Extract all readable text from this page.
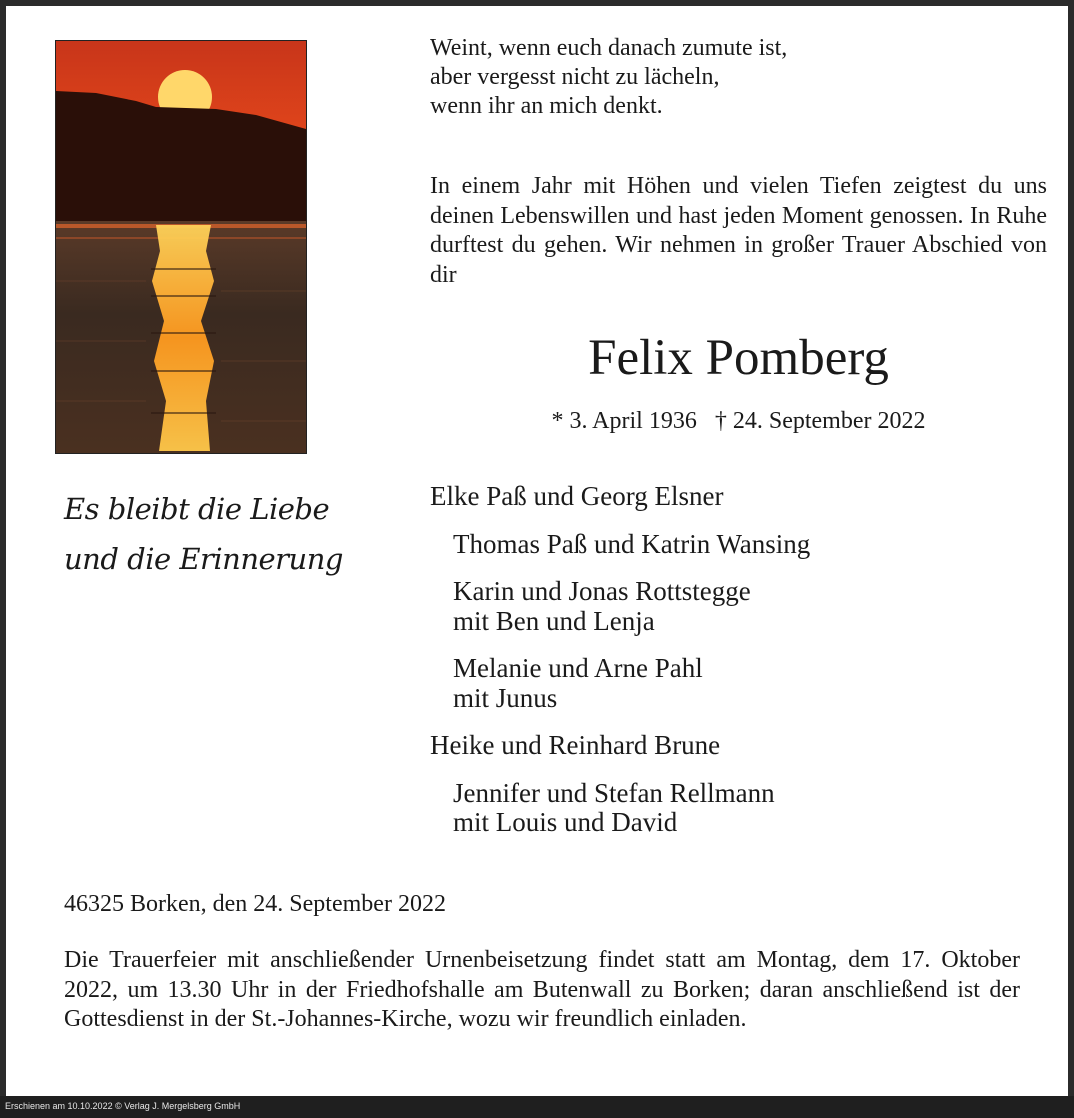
Es bleibt die Liebe
und die Erinnerung
Weint, wenn euch danach zumute ist,
aber vergesst nicht zu lächeln,
wenn ihr an mich denkt.
In einem Jahr mit Höhen und vielen Tiefen zeigtest du uns deinen Lebenswillen und hast jeden Moment genossen. In Ruhe durftest du gehen. Wir nehmen in großer Trauer Abschied von dir
Felix Pomberg
* 3. April 1936 † 24. September 2022
Elke Paß und Georg Elsner
Thomas Paß und Katrin Wansing
Karin und Jonas Rottstegge
mit Ben und Lenja
Melanie und Arne Pahl
mit Junus
Heike und Reinhard Brune
Jennifer und Stefan Rellmann
mit Louis und David
46325 Borken, den 24. September 2022
Die Trauerfeier mit anschließender Urnenbeisetzung findet statt am Montag, dem 17. Oktober 2022, um 13.30 Uhr in der Friedhofshalle am Butenwall zu Borken; daran anschließend ist der Gottesdienst in der St.-Johannes-Kirche, wozu wir freundlich einladen.
Erschienen am 10.10.2022 © Verlag J. Mergelsberg GmbH
